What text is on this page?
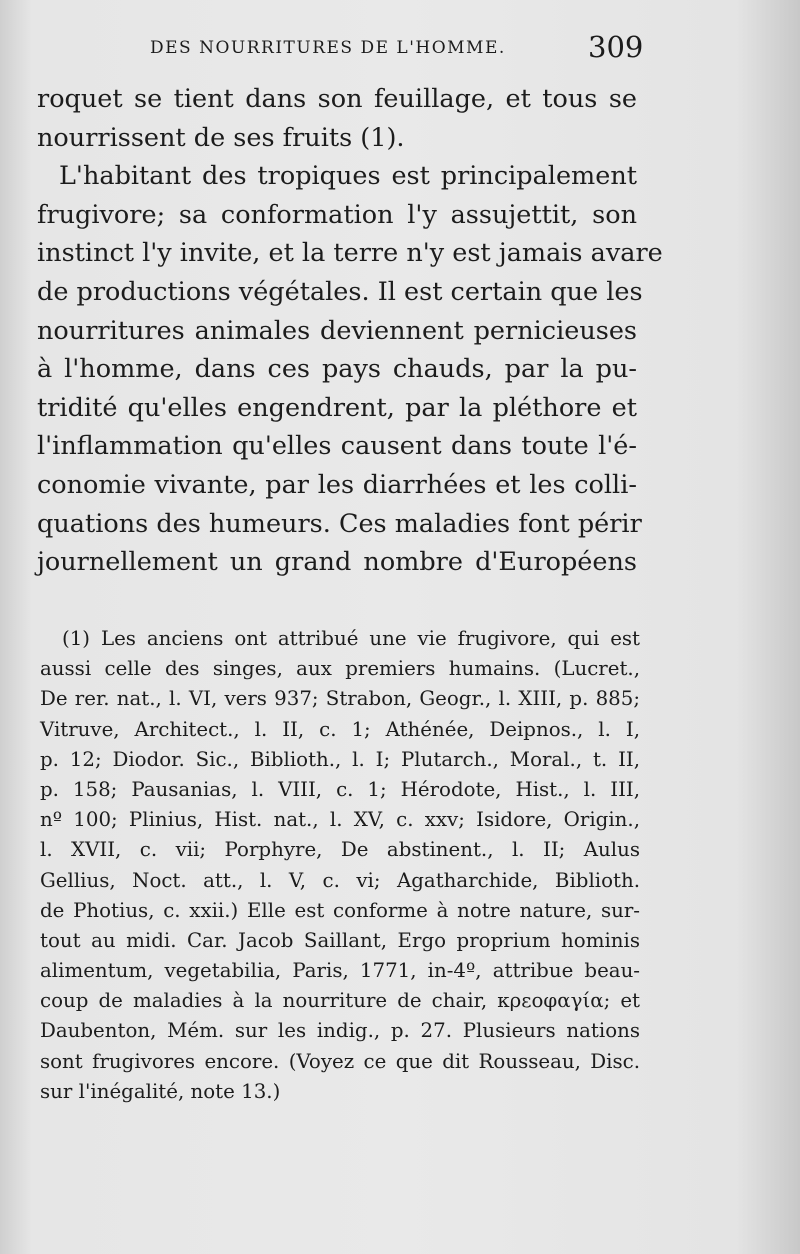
DES NOURRITURES DE L'HOMME.	309
roquet se tient dans son feuillage, et tous se
nourrissent de ses fruits (1).
L'habitant des tropiques est principalement
frugivore; sa conformation l'y assujettit, son
instinct l'y invite, et la terre n'y est jamais avare
de productions végétales. Il est certain que les
nourritures animales deviennent pernicieuses
à l'homme, dans ces pays chauds, par la pu-
tridité qu'elles engendrent, par la pléthore et
l'inflammation qu'elles causent dans toute l'é-
conomie vivante, par les diarrhées et les colli-
quations des humeurs. Ces maladies font périr
journellement un grand nombre d'Européens
(1) Les anciens ont attribué une vie frugivore, qui est
aussi celle des singes, aux premiers humains. (Lucret.,
De rer. nat., l. VI, vers 937; Strabon, Geogr., l. XIII, p. 885;
Vitruve, Architect., l. II, c. 1; Athénée, Deipnos., l. I,
p. 12; Diodor. Sic., Biblioth., l. I; Plutarch., Moral., t. II,
p. 158; Pausanias, l. VIII, c. 1; Hérodote, Hist., l. III,
nº 100; Plinius, Hist. nat., l. XV, c. xxv; Isidore, Origin.,
l. XVII, c. vii; Porphyre, De abstinent., l. II; Aulus
Gellius, Noct. att., l. V, c. vi; Agatharchide, Biblioth.
de Photius, c. xxii.) Elle est conforme à notre nature, sur-
tout au midi. Car. Jacob Saillant, Ergo proprium hominis
alimentum, vegetabilia, Paris, 1771, in-4º, attribue beau-
coup de maladies à la nourriture de chair, κρεοφαγία; et
Daubenton, Mém. sur les indig., p. 27. Plusieurs nations
sont frugivores encore. (Voyez ce que dit Rousseau, Disc.
sur l'inégalité, note 13.)
